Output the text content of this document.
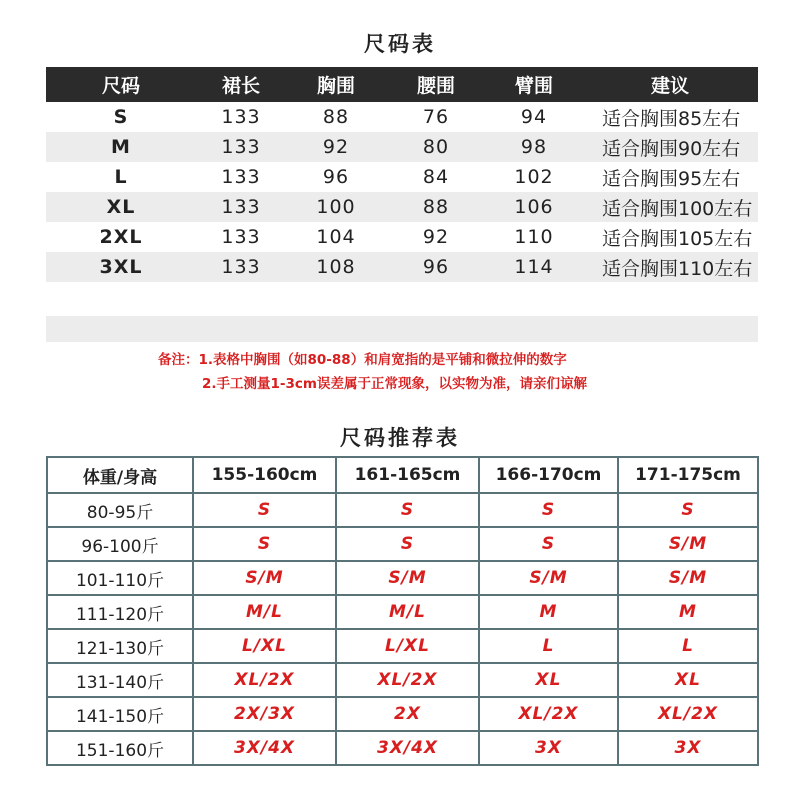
尺码表
尺码	裙长	胸围	腰围	臂围	建议
S	133	88	76	94	适合胸围85左右
M	133	92	80	98	适合胸围90左右
L	133	96	84	102	适合胸围95左右
XL	133	100	88	106	适合胸围100左右
2XL	133	104	92	110	适合胸围105左右
3XL	133	108	96	114	适合胸围110左右
备注：1.表格中胸围（如80-88）和肩宽指的是平铺和微拉伸的数字
2.手工测量1-3cm误差属于正常现象，以实物为准，请亲们谅解
尺码推荐表
体重/身高	155-160cm	161-165cm	166-170cm	171-175cm
80-95斤	S	S	S	S
96-100斤	S	S	S	S/M
101-110斤	S/M	S/M	S/M	S/M
111-120斤	M/L	M/L	M	M
121-130斤	L/XL	L/XL	L	L
131-140斤	XL/2X	XL/2X	XL	XL
141-150斤	2X/3X	2X	XL/2X	XL/2X
151-160斤	3X/4X	3X/4X	3X	3X
